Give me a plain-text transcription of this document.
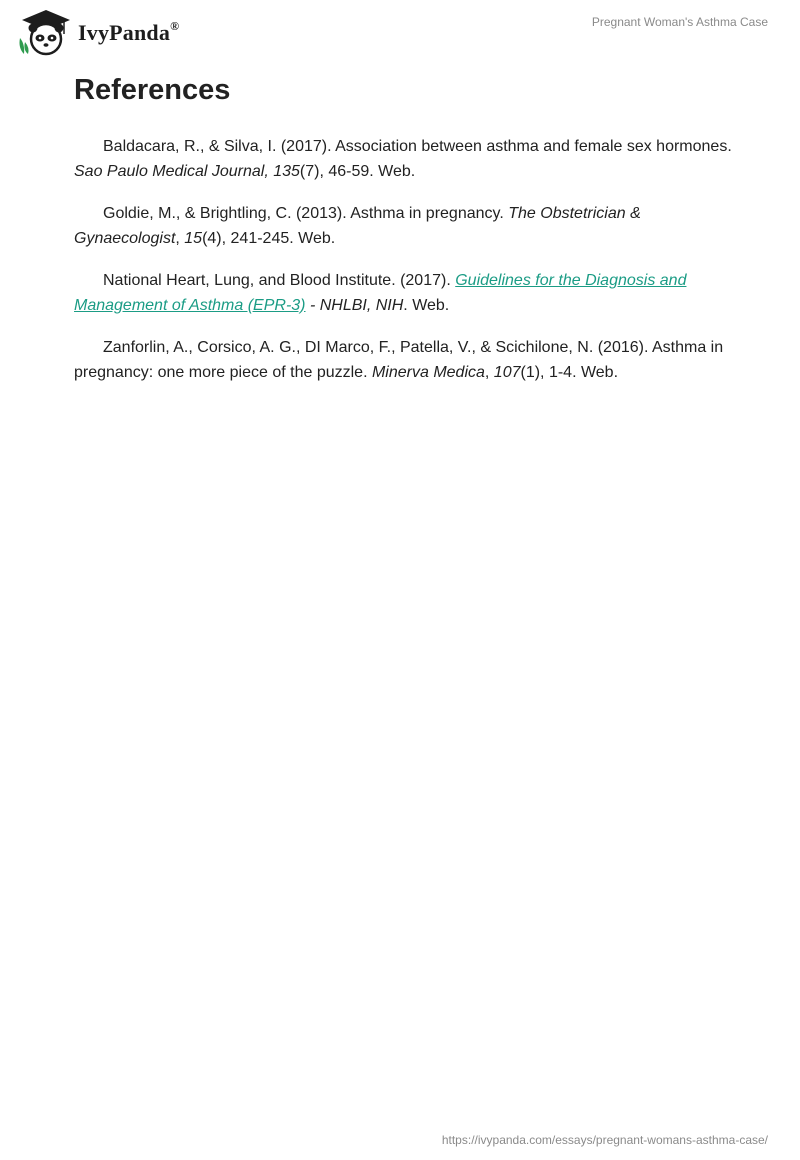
IvyPanda®	Pregnant Woman's Asthma Case
References

Baldacara, R., & Silva, I. (2017). Association between asthma and female sex hormones. Sao Paulo Medical Journal, 135(7), 46-59. Web.

Goldie, M., & Brightling, C. (2013). Asthma in pregnancy. The Obstetrician & Gynaecologist, 15(4), 241-245. Web.

National Heart, Lung, and Blood Institute. (2017). Guidelines for the Diagnosis and Management of Asthma (EPR-3) - NHLBI, NIH. Web.

Zanforlin, A., Corsico, A. G., DI Marco, F., Patella, V., & Scichilone, N. (2016). Asthma in pregnancy: one more piece of the puzzle. Minerva Medica, 107(1), 1-4. Web.

https://ivypanda.com/essays/pregnant-womans-asthma-case/
